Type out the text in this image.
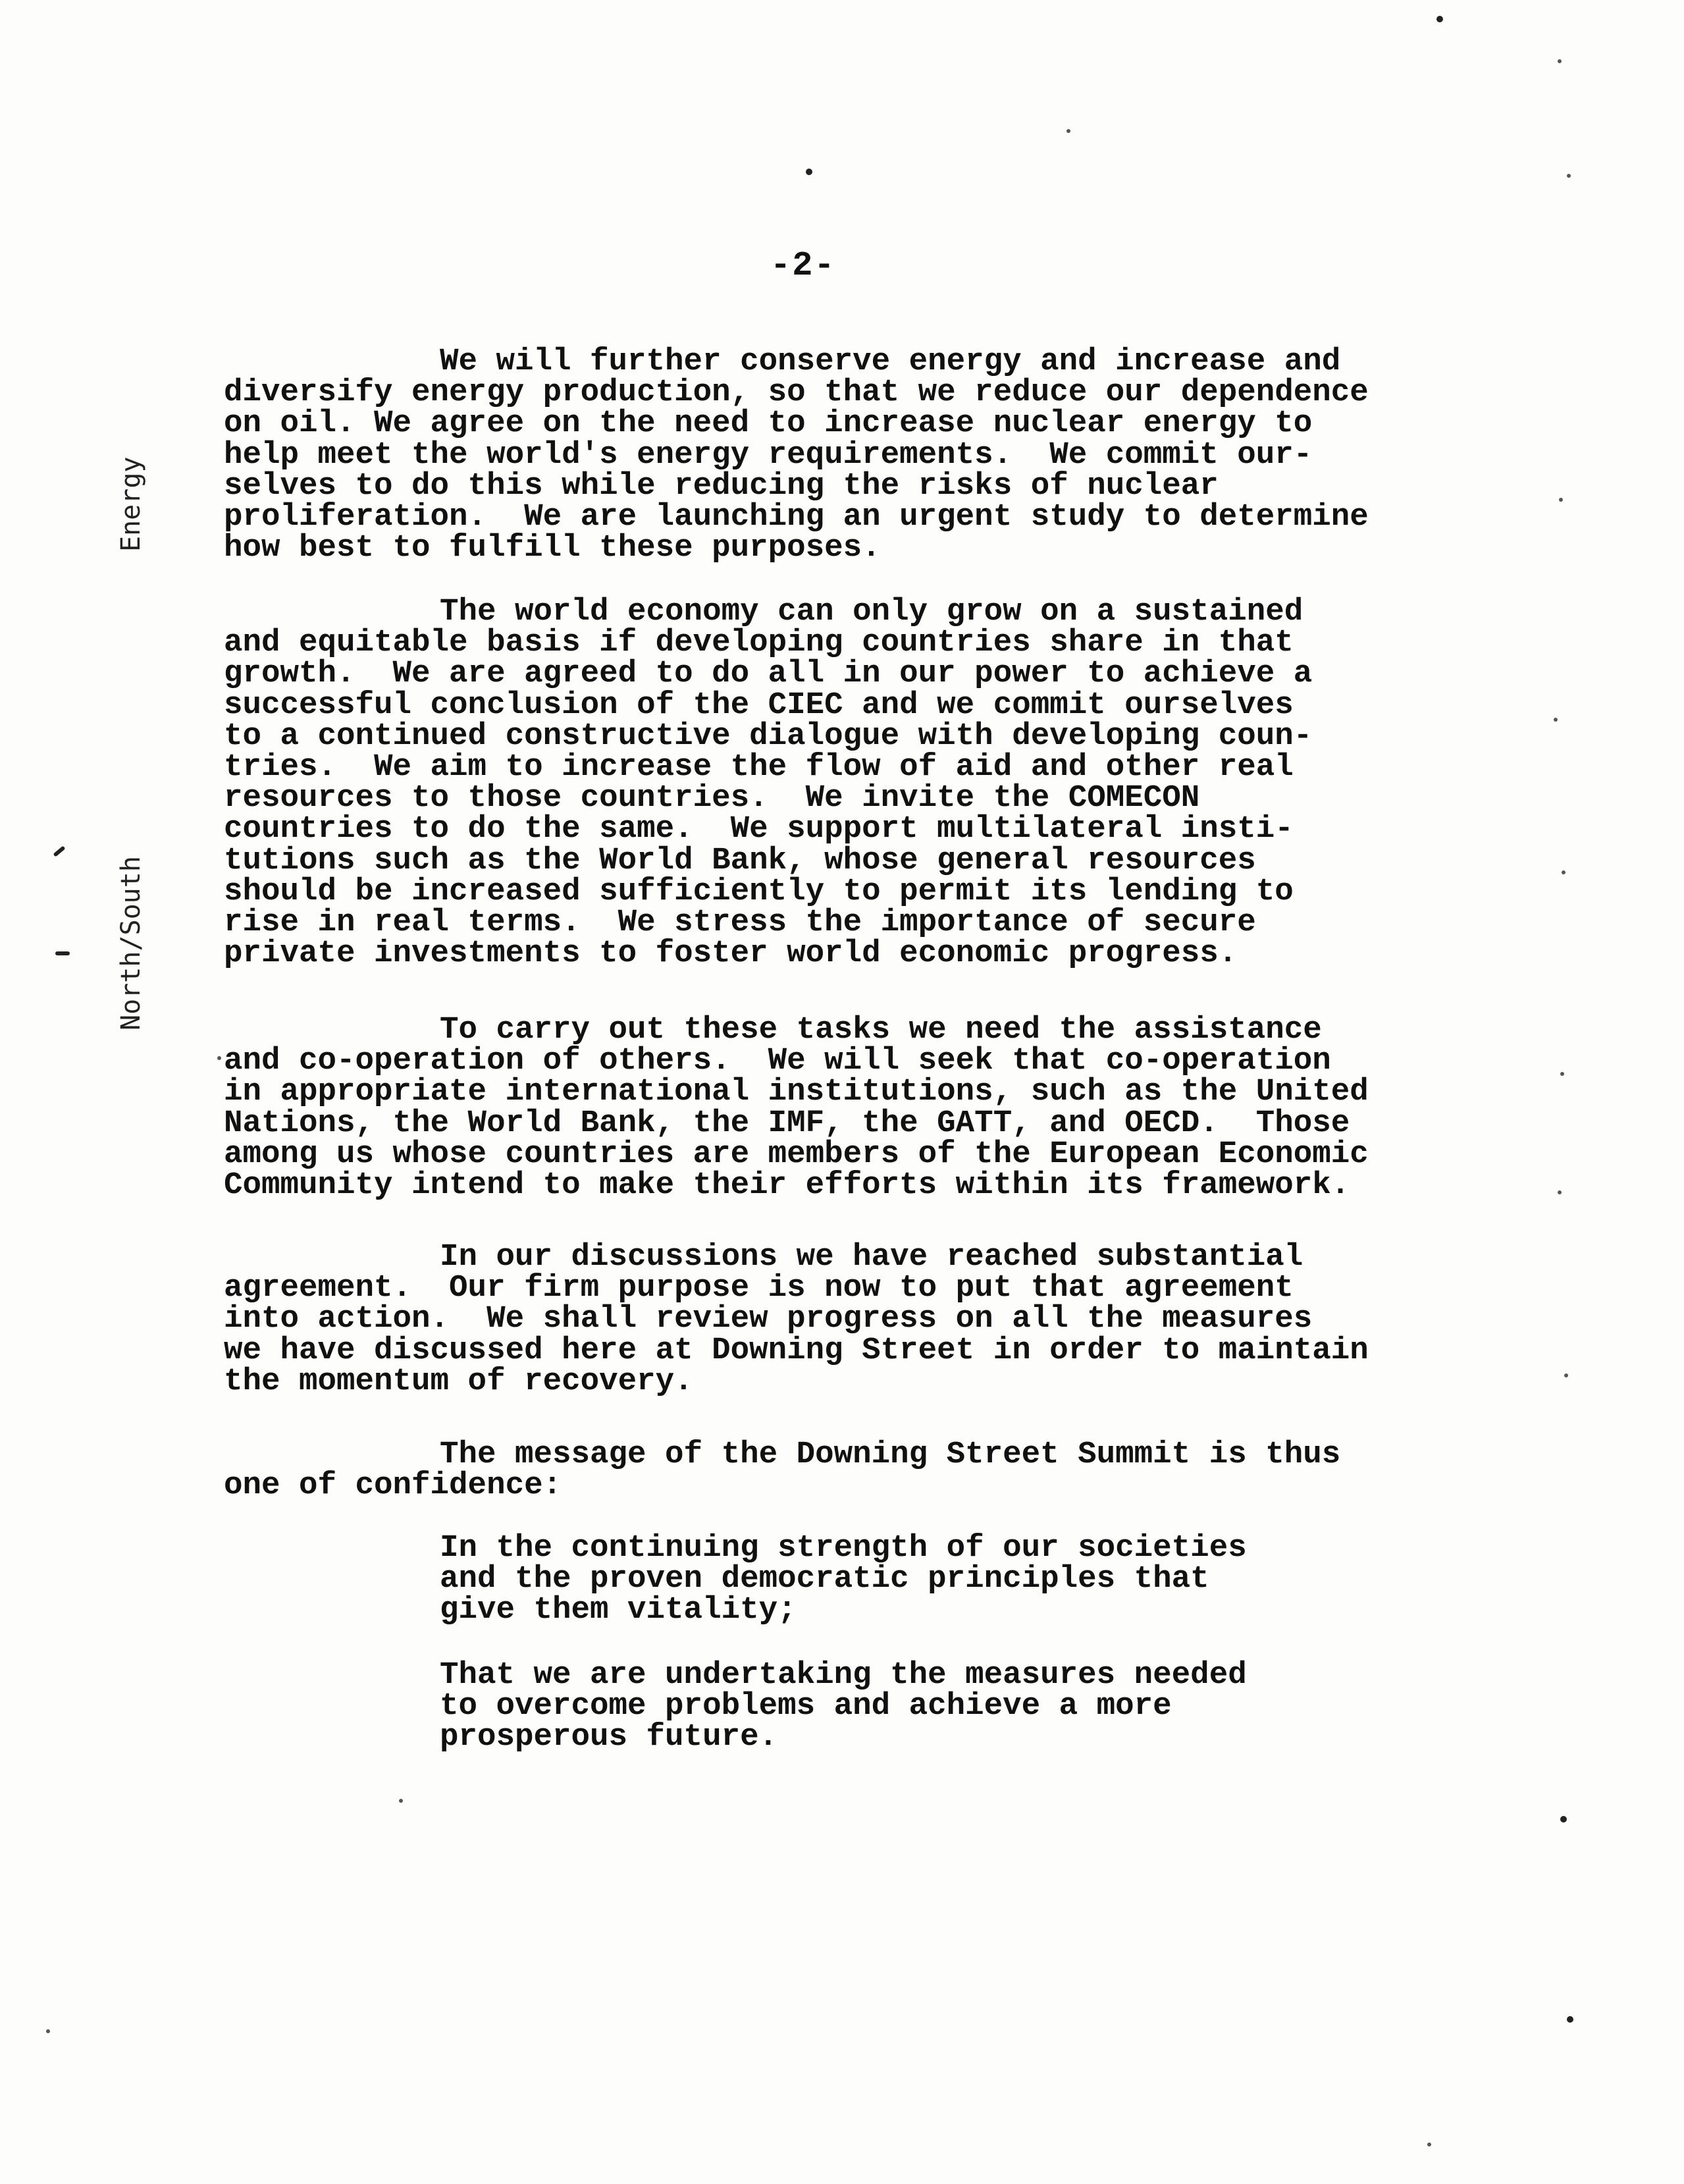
-2-
Energy
North/South
We will further conserve energy and increase and
diversify energy production, so that we reduce our dependence
on oil. We agree on the need to increase nuclear energy to
help meet the world's energy requirements.  We commit our-
selves to do this while reducing the risks of nuclear
proliferation.  We are launching an urgent study to determine
how best to fulfill these purposes.
The world economy can only grow on a sustained
and equitable basis if developing countries share in that
growth.  We are agreed to do all in our power to achieve a
successful conclusion of the CIEC and we commit ourselves
to a continued constructive dialogue with developing coun-
tries.  We aim to increase the flow of aid and other real
resources to those countries.  We invite the COMECON
countries to do the same.  We support multilateral insti-
tutions such as the World Bank, whose general resources
should be increased sufficiently to permit its lending to
rise in real terms.  We stress the importance of secure
private investments to foster world economic progress.
To carry out these tasks we need the assistance
and co-operation of others.  We will seek that co-operation
in appropriate international institutions, such as the United
Nations, the World Bank, the IMF, the GATT, and OECD.  Those
among us whose countries are members of the European Economic
Community intend to make their efforts within its framework.
In our discussions we have reached substantial
agreement.  Our firm purpose is now to put that agreement
into action.  We shall review progress on all the measures
we have discussed here at Downing Street in order to maintain
the momentum of recovery.
The message of the Downing Street Summit is thus
one of confidence:
In the continuing strength of our societies
and the proven democratic principles that
give them vitality;
That we are undertaking the measures needed
to overcome problems and achieve a more
prosperous future.
